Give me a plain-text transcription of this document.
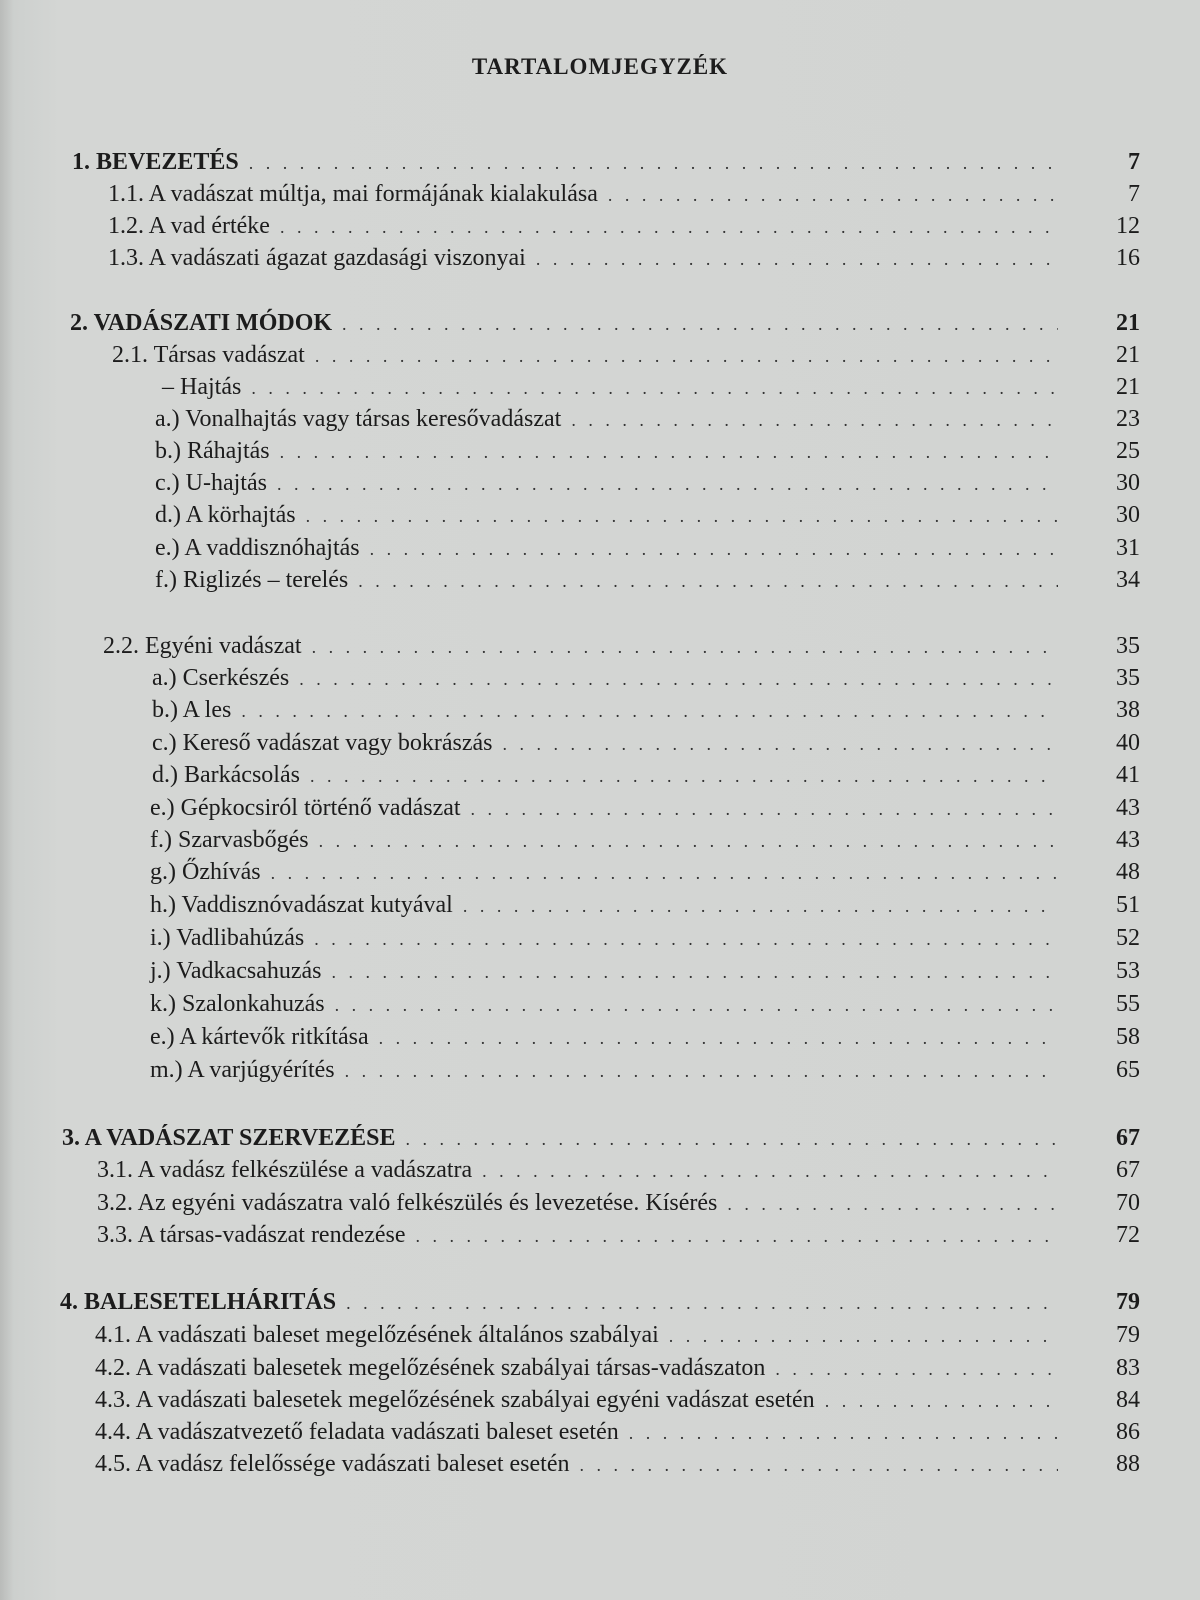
TARTALOMJEGYZÉK
1. BEVEZETÉS . . .	7
1.1. A vadászat múltja, mai formájának kialakulása . . .	7
1.2. A vad értéke . . .	12
1.3. A vadászati ágazat gazdasági viszonyai . . .	16
2. VADÁSZATI MÓDOK . . .	21
2.1. Társas vadászat . . .	21
– Hajtás . . .	21
a.) Vonalhajtás vagy társas keresővadászat . . .	23
b.) Ráhajtás . . .	25
c.) U-hajtás . . .	30
d.) A körhajtás . . .	30
e.) A vaddisznóhajtás . . .	31
f.) Riglizés – terelés . . .	34
2.2. Egyéni vadászat . . .	35
a.) Cserkészés . . .	35
b.) A les . . .	38
c.) Kereső vadászat vagy bokrászás . . .	40
d.) Barkácsolás . . .	41
e.) Gépkocsiról történő vadászat . . .	43
f.) Szarvasbőgés . . .	43
g.) Őzhívás . . .	48
h.) Vaddisznóvadászat kutyával . . .	51
i.) Vadlibahúzás . . .	52
j.) Vadkacsahuzás . . .	53
k.) Szalonkahuzás . . .	55
e.) A kártevők ritkítása . . .	58
m.) A varjúgyérítés . . .	65
3. A VADÁSZAT SZERVEZÉSE . . .	67
3.1. A vadász felkészülése a vadászatra . . .	67
3.2. Az egyéni vadászatra való felkészülés és levezetése. Kísérés . . .	70
3.3. A társas-vadászat rendezése . . .	72
4. BALESETELHÁRITÁS . . .	79
4.1. A vadászati baleset megelőzésének általános szabályai . . .	79
4.2. A vadászati balesetek megelőzésének szabályai társas-vadászaton . . .	83
4.3. A vadászati balesetek megelőzésének szabályai egyéni vadászat esetén . . .	84
4.4. A vadászatvezető feladata vadászati baleset esetén . . .	86
4.5. A vadász felelőssége vadászati baleset esetén . . .	88
